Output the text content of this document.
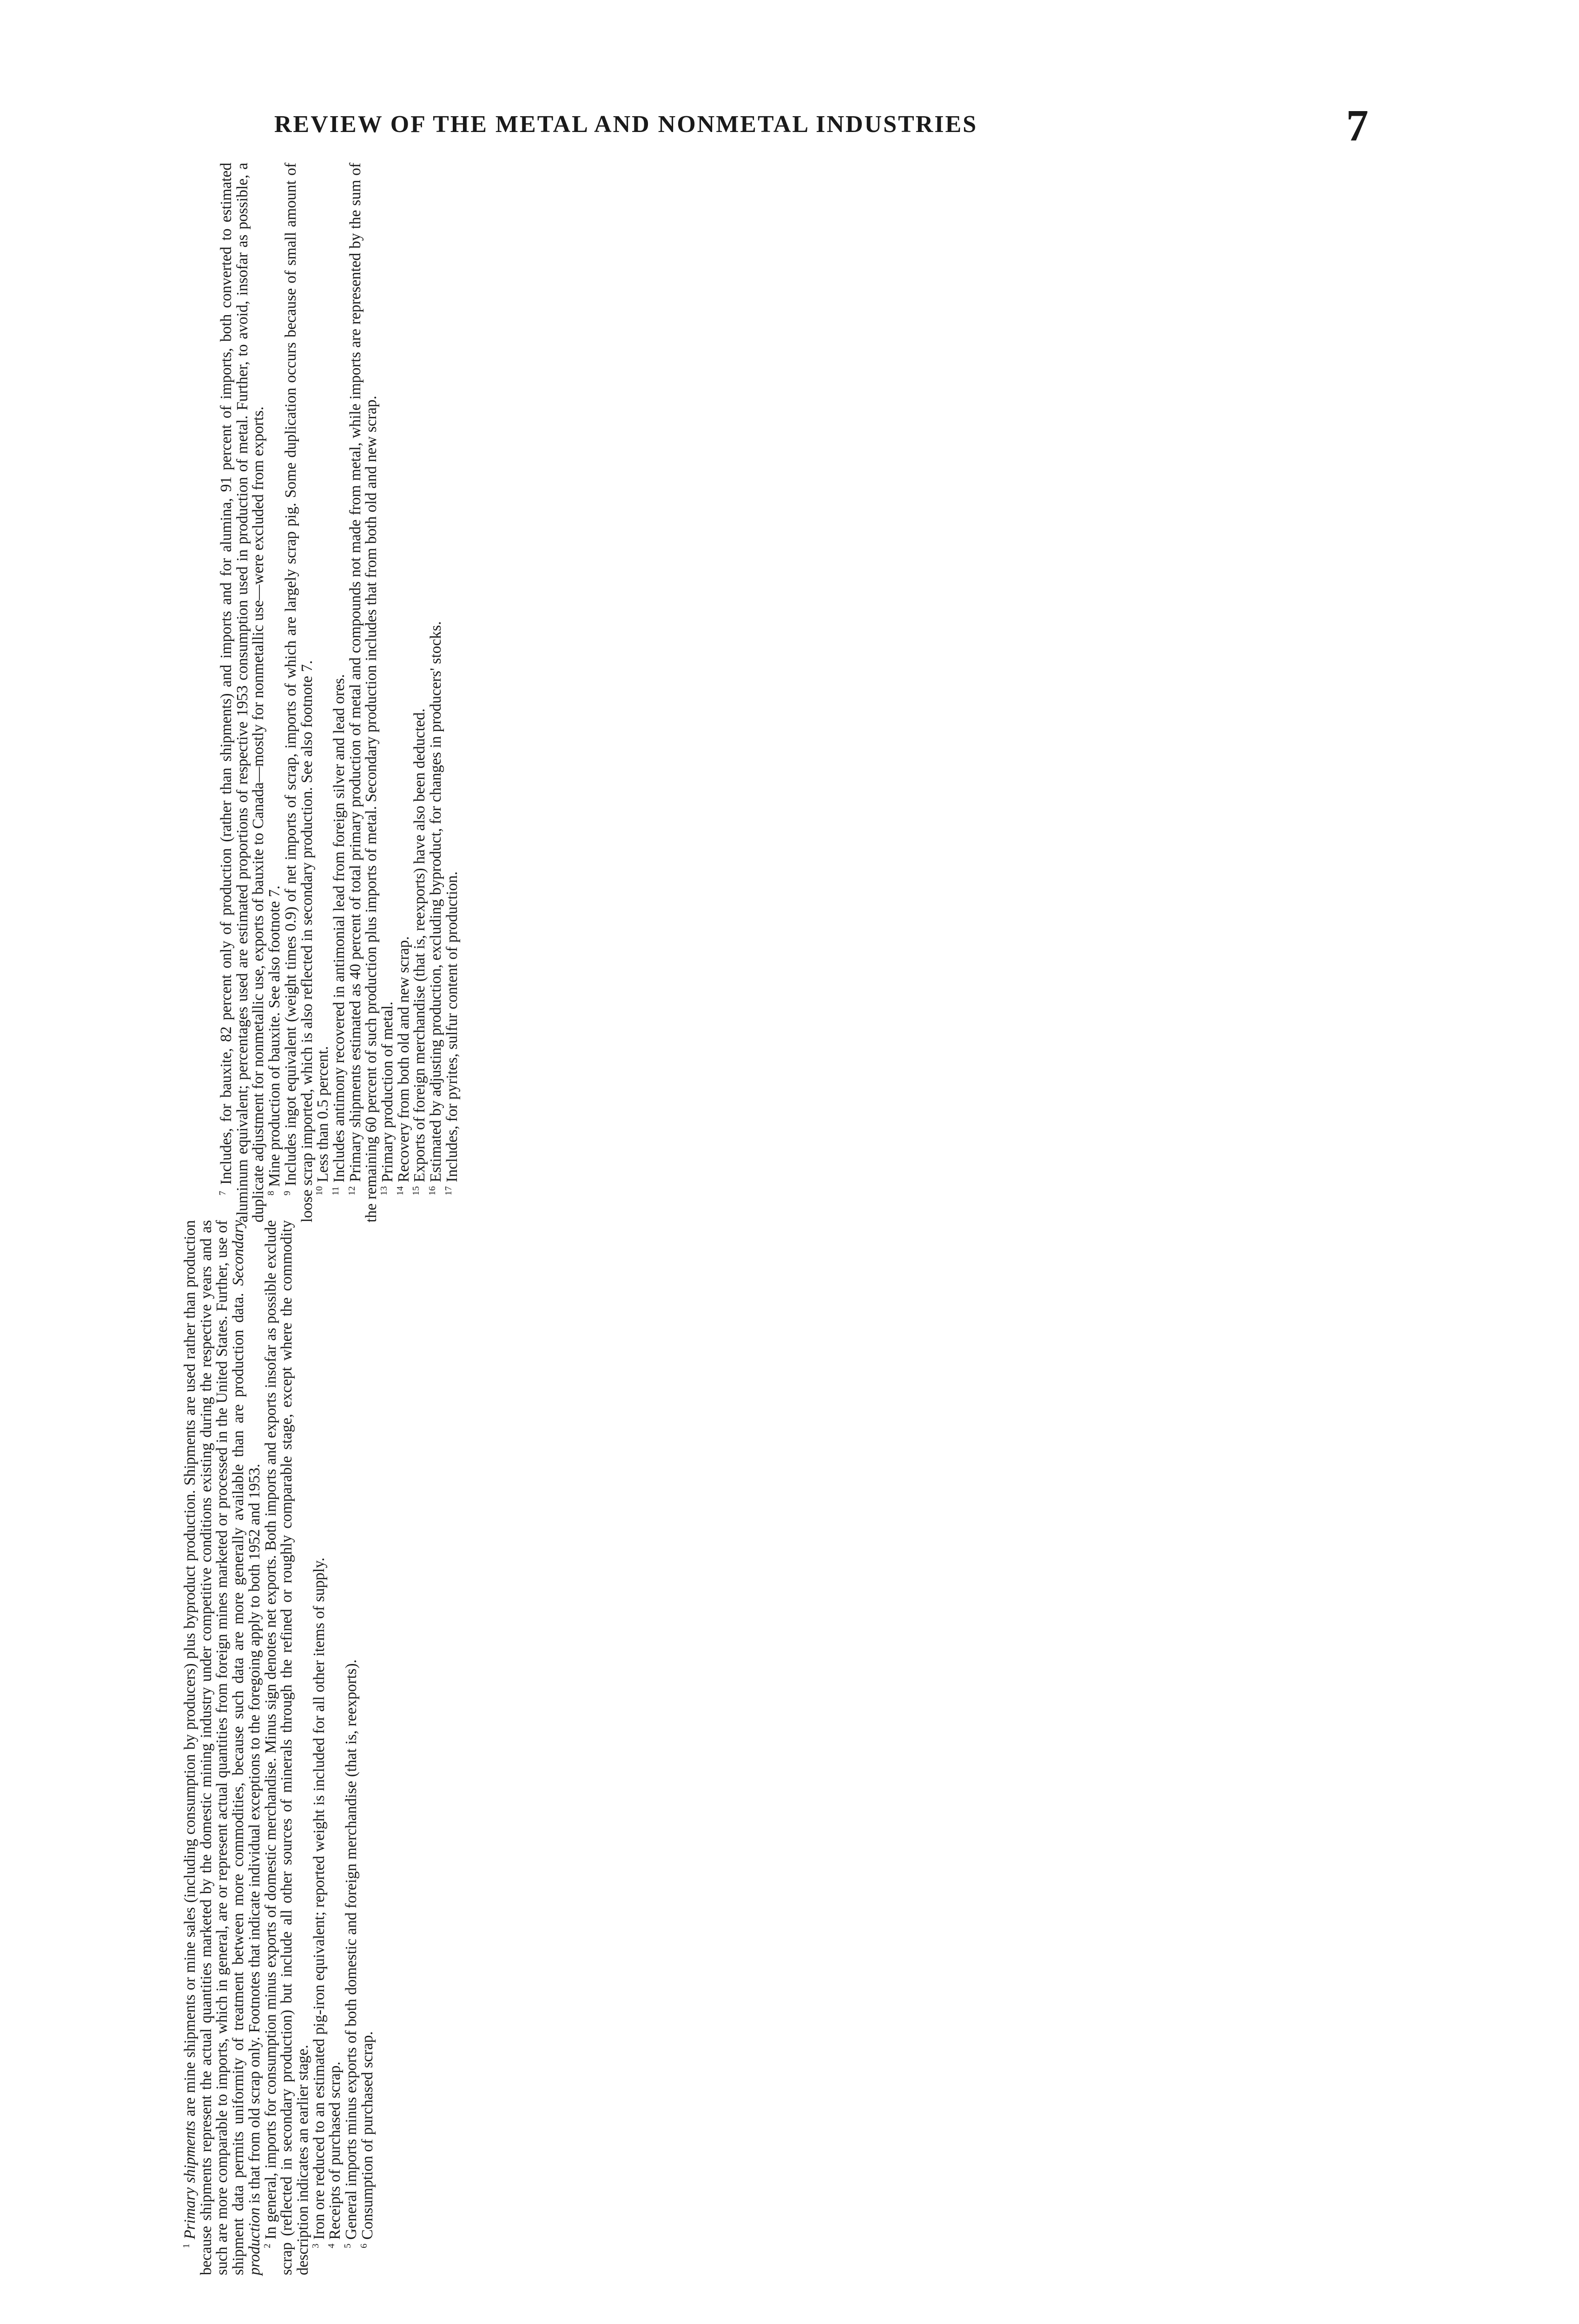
REVIEW OF THE METAL AND NONMETAL INDUSTRIES	7

$^1$ Primary shipments are mine shipments or mine sales (including consumption by producers) plus byproduct production. Shipments are used rather than production because shipments represent the actual quantities marketed by the domestic mining industry under competitive conditions existing during the respective years and as such are more comparable to imports, which in general, are or represent actual quantities from foreign mines marketed or processed in the United States. Further, use of shipment data permits uniformity of treatment between more commodities, because such data are more generally available than are production data. Secondary production is that from old scrap only. Footnotes that indicate individual exceptions to the foregoing apply to both 1952 and 1953.

$^2$ In general, imports for consumption minus exports of domestic merchandise. Minus sign denotes net exports. Both imports and exports insofar as possible exclude scrap (reflected in secondary production) but include all other sources of minerals through the refined or roughly comparable stage, except where the commodity description indicates an earlier stage.

$^3$ Iron ore reduced to an estimated pig-iron equivalent; reported weight is included for all other items of supply.

$^4$ Receipts of purchased scrap.

$^5$ General imports minus exports of both domestic and foreign merchandise (that is, reexports).

$^6$ Consumption of purchased scrap.

$^7$ Includes, for bauxite, 82 percent only of production (rather than shipments) and imports and for alumina, 91 percent of imports, both converted to estimated aluminum equivalent; percentages used are estimated proportions of respective 1953 consumption used in production of metal. Further, to avoid, insofar as possible, a duplicate adjustment for nonmetallic use, exports of bauxite to Canada—mostly for nonmetallic use—were excluded from exports.

$^8$ Mine production of bauxite. See also footnote 7.

$^9$ Includes ingot equivalent (weight times 0.9) of net imports of scrap, imports of which are largely scrap pig. Some duplication occurs because of small amount of loose scrap imported, which is also reflected in secondary production. See also footnote 7.

$^{10}$ Less than 0.5 percent.

$^{11}$ Includes antimony recovered in antimonial lead from foreign silver and lead ores.

$^{12}$ Primary shipments estimated as 40 percent of total primary production of metal and compounds not made from metal, while imports are represented by the sum of the remaining 60 percent of such production plus imports of metal. Secondary production includes that from both old and new scrap.

$^{13}$ Primary production of metal.

$^{14}$ Recovery from both old and new scrap.

$^{15}$ Exports of foreign merchandise (that is, reexports) have also been deducted.

$^{16}$ Estimated by adjusting production, excluding byproduct, for changes in producers' stocks.

$^{17}$ Includes, for pyrites, sulfur content of production.
